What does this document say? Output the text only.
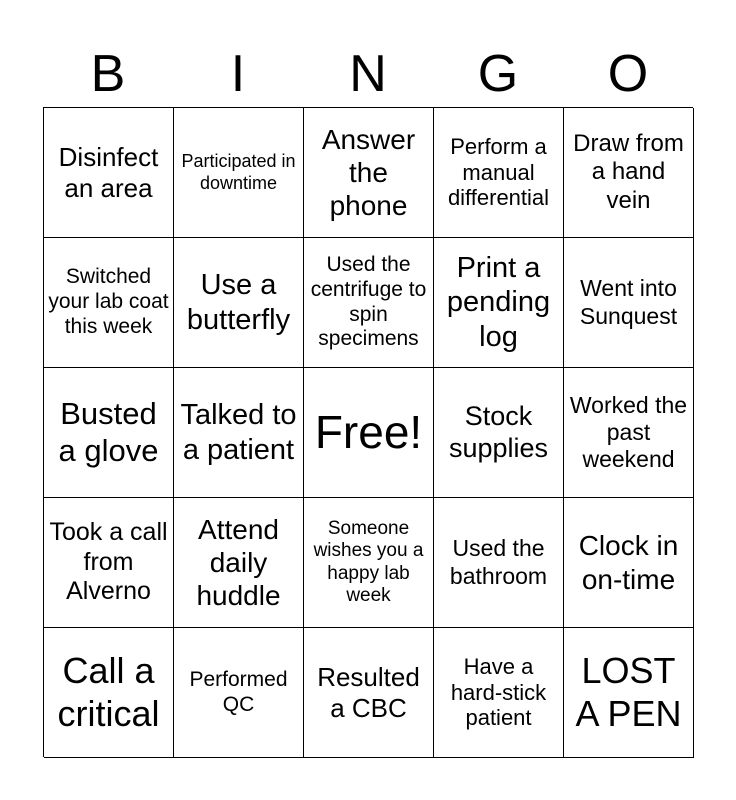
B	I	N	G	O
Disinfect an area
Participated in downtime
Answer the phone
Perform a manual differential
Draw from a hand vein
Switched your lab coat this week
Use a butterfly
Used the centrifuge to spin specimens
Print a pending log
Went into Sunquest
Busted a glove
Talked to a patient Free!	Stock supplies
Worked the past weekend
Took a call from Alverno
Attend daily huddle
Someone wishes you a happy lab week
Used the bathroom
Clock in on-time
Call a critical
Performed QC
Resulted a CBC
Have a hard-stick patient
LOST A PEN
